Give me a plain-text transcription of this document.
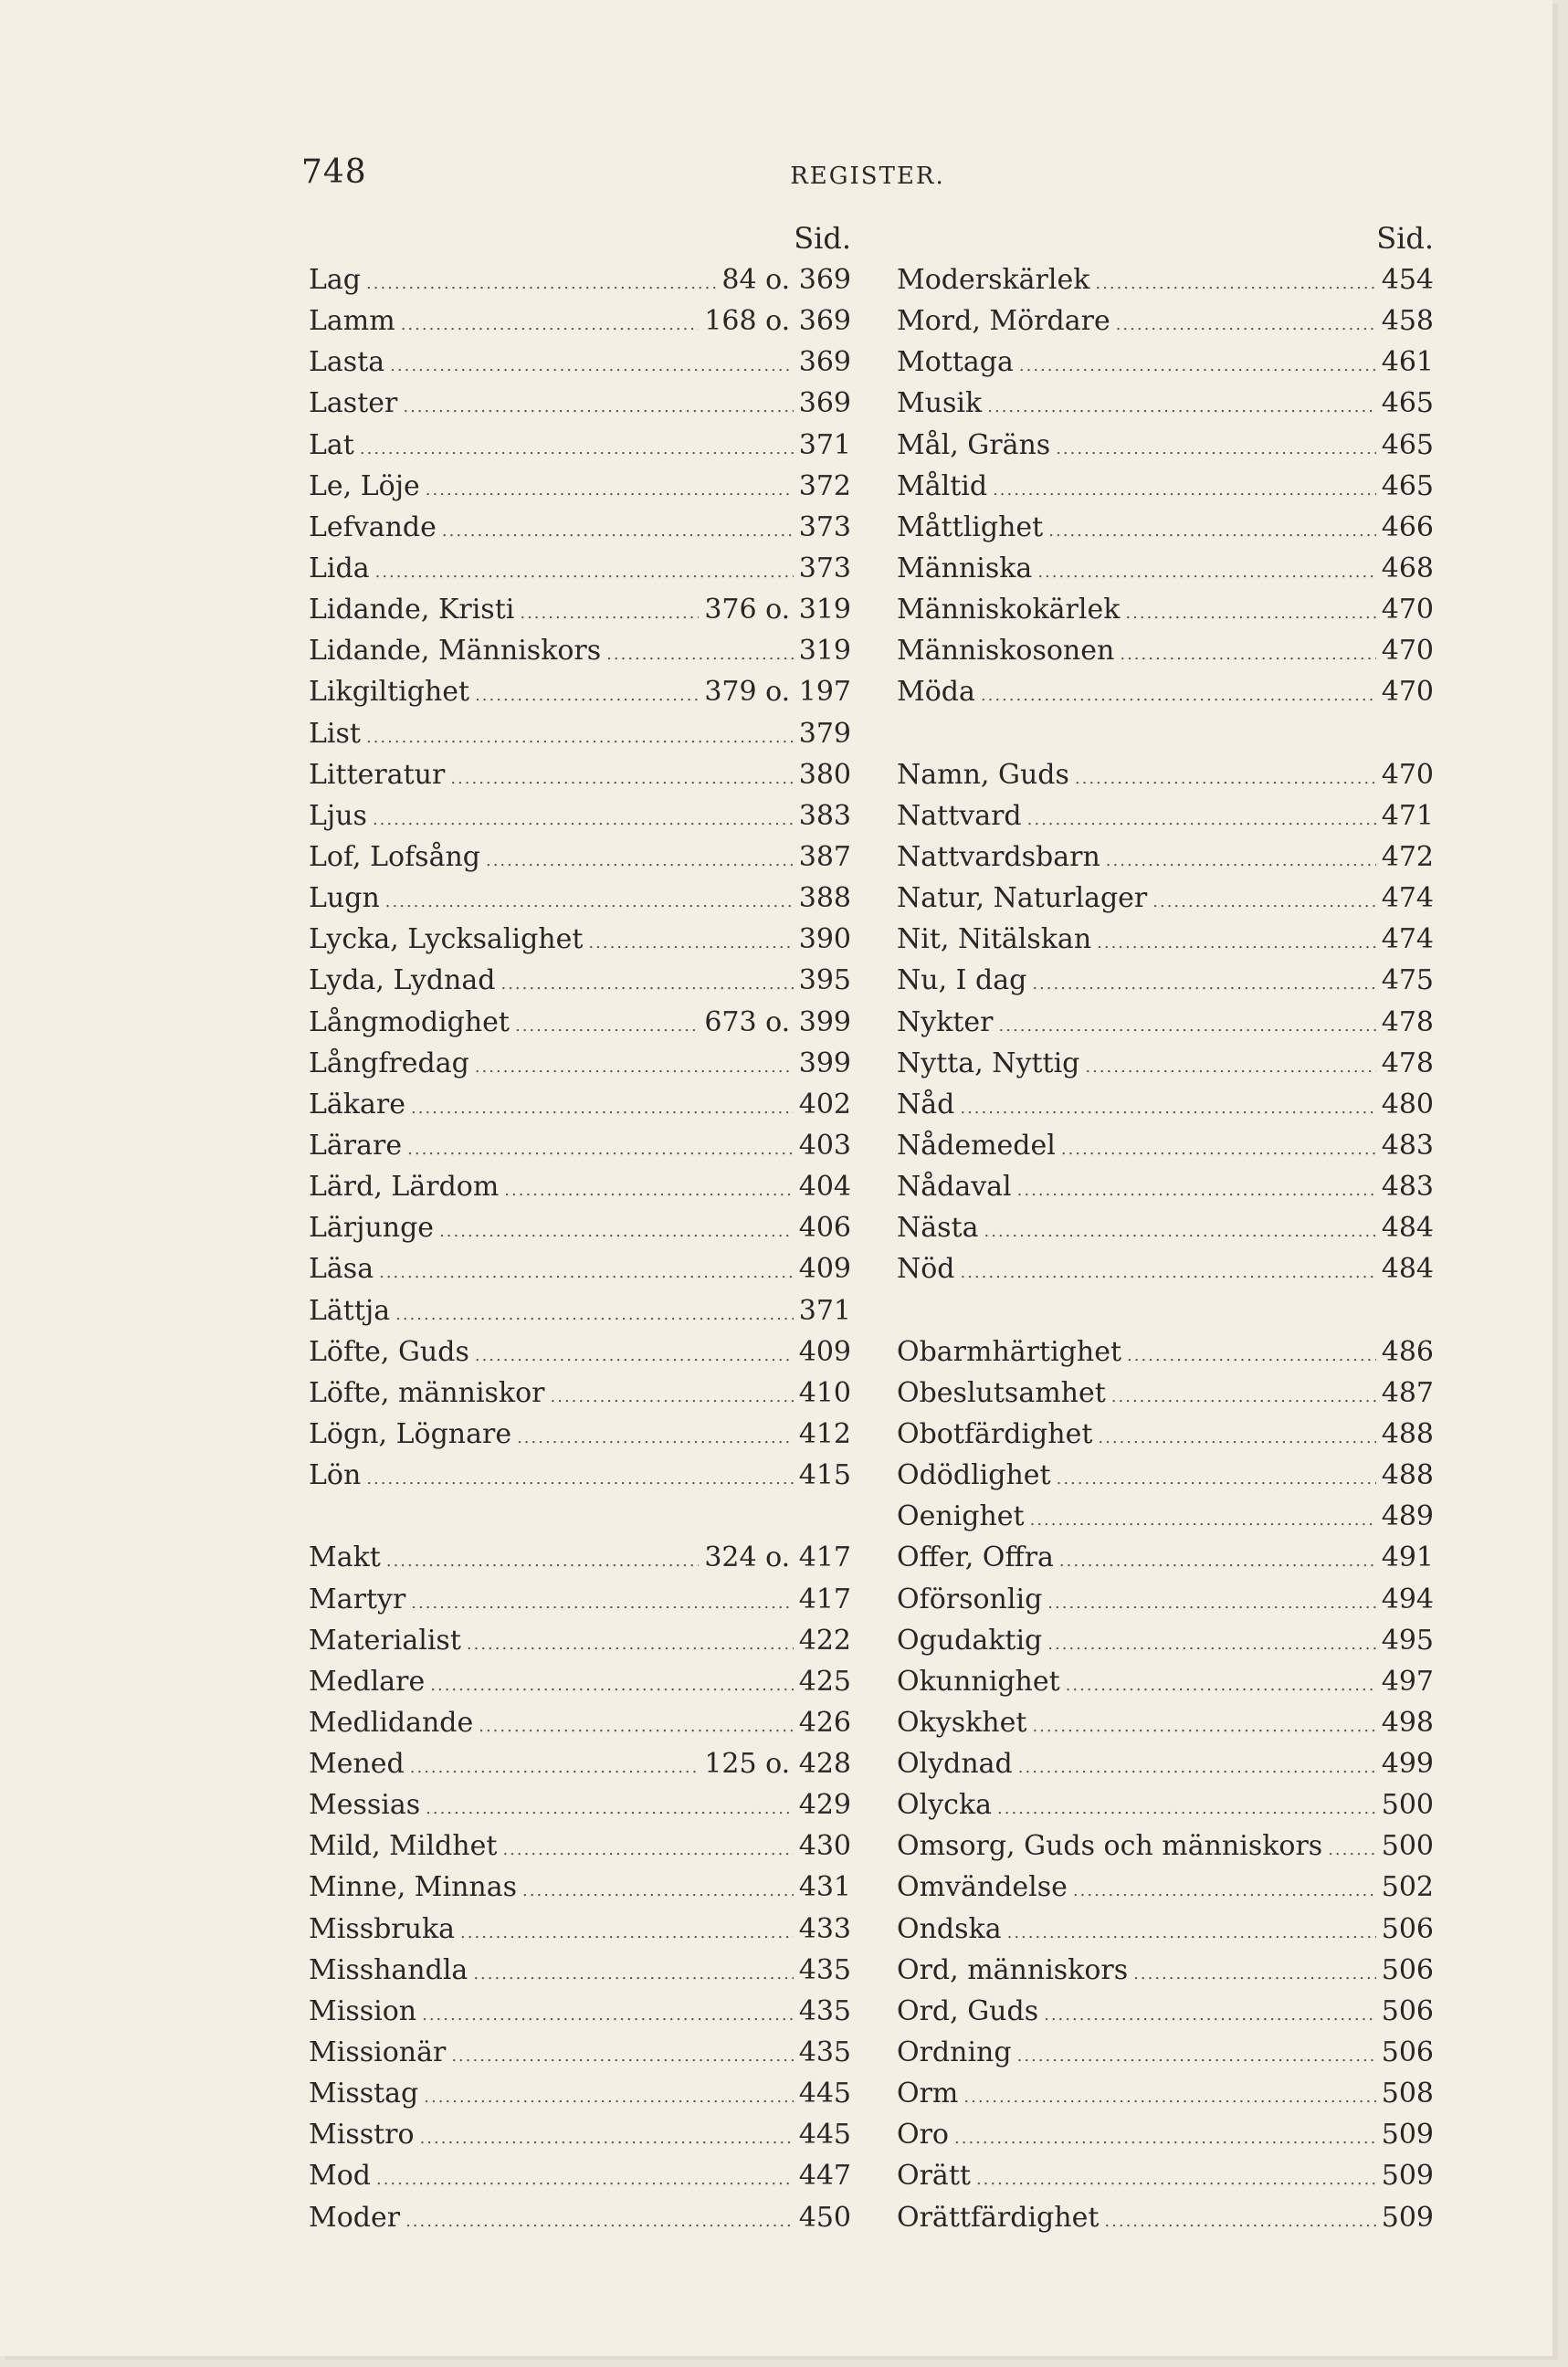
748	REGISTER.
Sid.
Lag .....	84 o. 369
Lamm .....	168 o. 369
Lasta .....	369
Laster .....	369
Lat .....	371
Le, Löje .....	372
Lefvande .....	373
Lida .....	373
Lidande, Kristi .....	376 o. 319
Lidande, Människors .....	319
Likgiltighet .....	379 o. 197
List .....	379
Litteratur .....	380
Ljus .....	383
Lof, Lofsång .....	387
Lugn .....	388
Lycka, Lycksalighet .....	390
Lyda, Lydnad .....	395
Långmodighet .....	673 o. 399
Långfredag .....	399
Läkare .....	402
Lärare .....	403
Lärd, Lärdom .....	404
Lärjunge .....	406
Läsa .....	409
Lättja .....	371
Löfte, Guds .....	409
Löfte, människor .....	410
Lögn, Lögnare .....	412
Lön .....	415
Makt .....	324 o. 417
Martyr .....	417
Materialist .....	422
Medlare .....	425
Medlidande .....	426
Mened .....	125 o. 428
Messias .....	429
Mild, Mildhet .....	430
Minne, Minnas .....	431
Missbruka .....	433
Misshandla .....	435
Mission .....	435
Missionär .....	435
Misstag .....	445
Misstro .....	445
Mod .....	447
Moder .....	450
Sid.
Moderskärlek .....	454
Mord, Mördare .....	458
Mottaga .....	461
Musik .....	465
Mål, Gräns .....	465
Måltid .....	465
Måttlighet .....	466
Människa .....	468
Människokärlek .....	470
Människosonen .....	470
Möda .....	470
Namn, Guds .....	470
Nattvard .....	471
Nattvardsbarn .....	472
Natur, Naturlager .....	474
Nit, Nitälskan .....	474
Nu, I dag .....	475
Nykter .....	478
Nytta, Nyttig .....	478
Nåd .....	480
Nådemedel .....	483
Nådaval .....	483
Nästa .....	484
Nöd .....	484
Obarmhärtighet .....	486
Obeslutsamhet .....	487
Obotfärdighet .....	488
Odödlighet .....	488
Oenighet .....	489
Offer, Offra .....	491
Oförsonlig .....	494
Ogudaktig .....	495
Okunnighet .....	497
Okyskhet .....	498
Olydnad .....	499
Olycka .....	500
Omsorg, Guds och människors ..... 500
Omvändelse .....	502
Ondska .....	506
Ord, människors .....	506
Ord, Guds .....	506
Ordning .....	506
Orm .....	508
Oro .....	509
Orätt .....	509
Orättfärdighet .....	509
